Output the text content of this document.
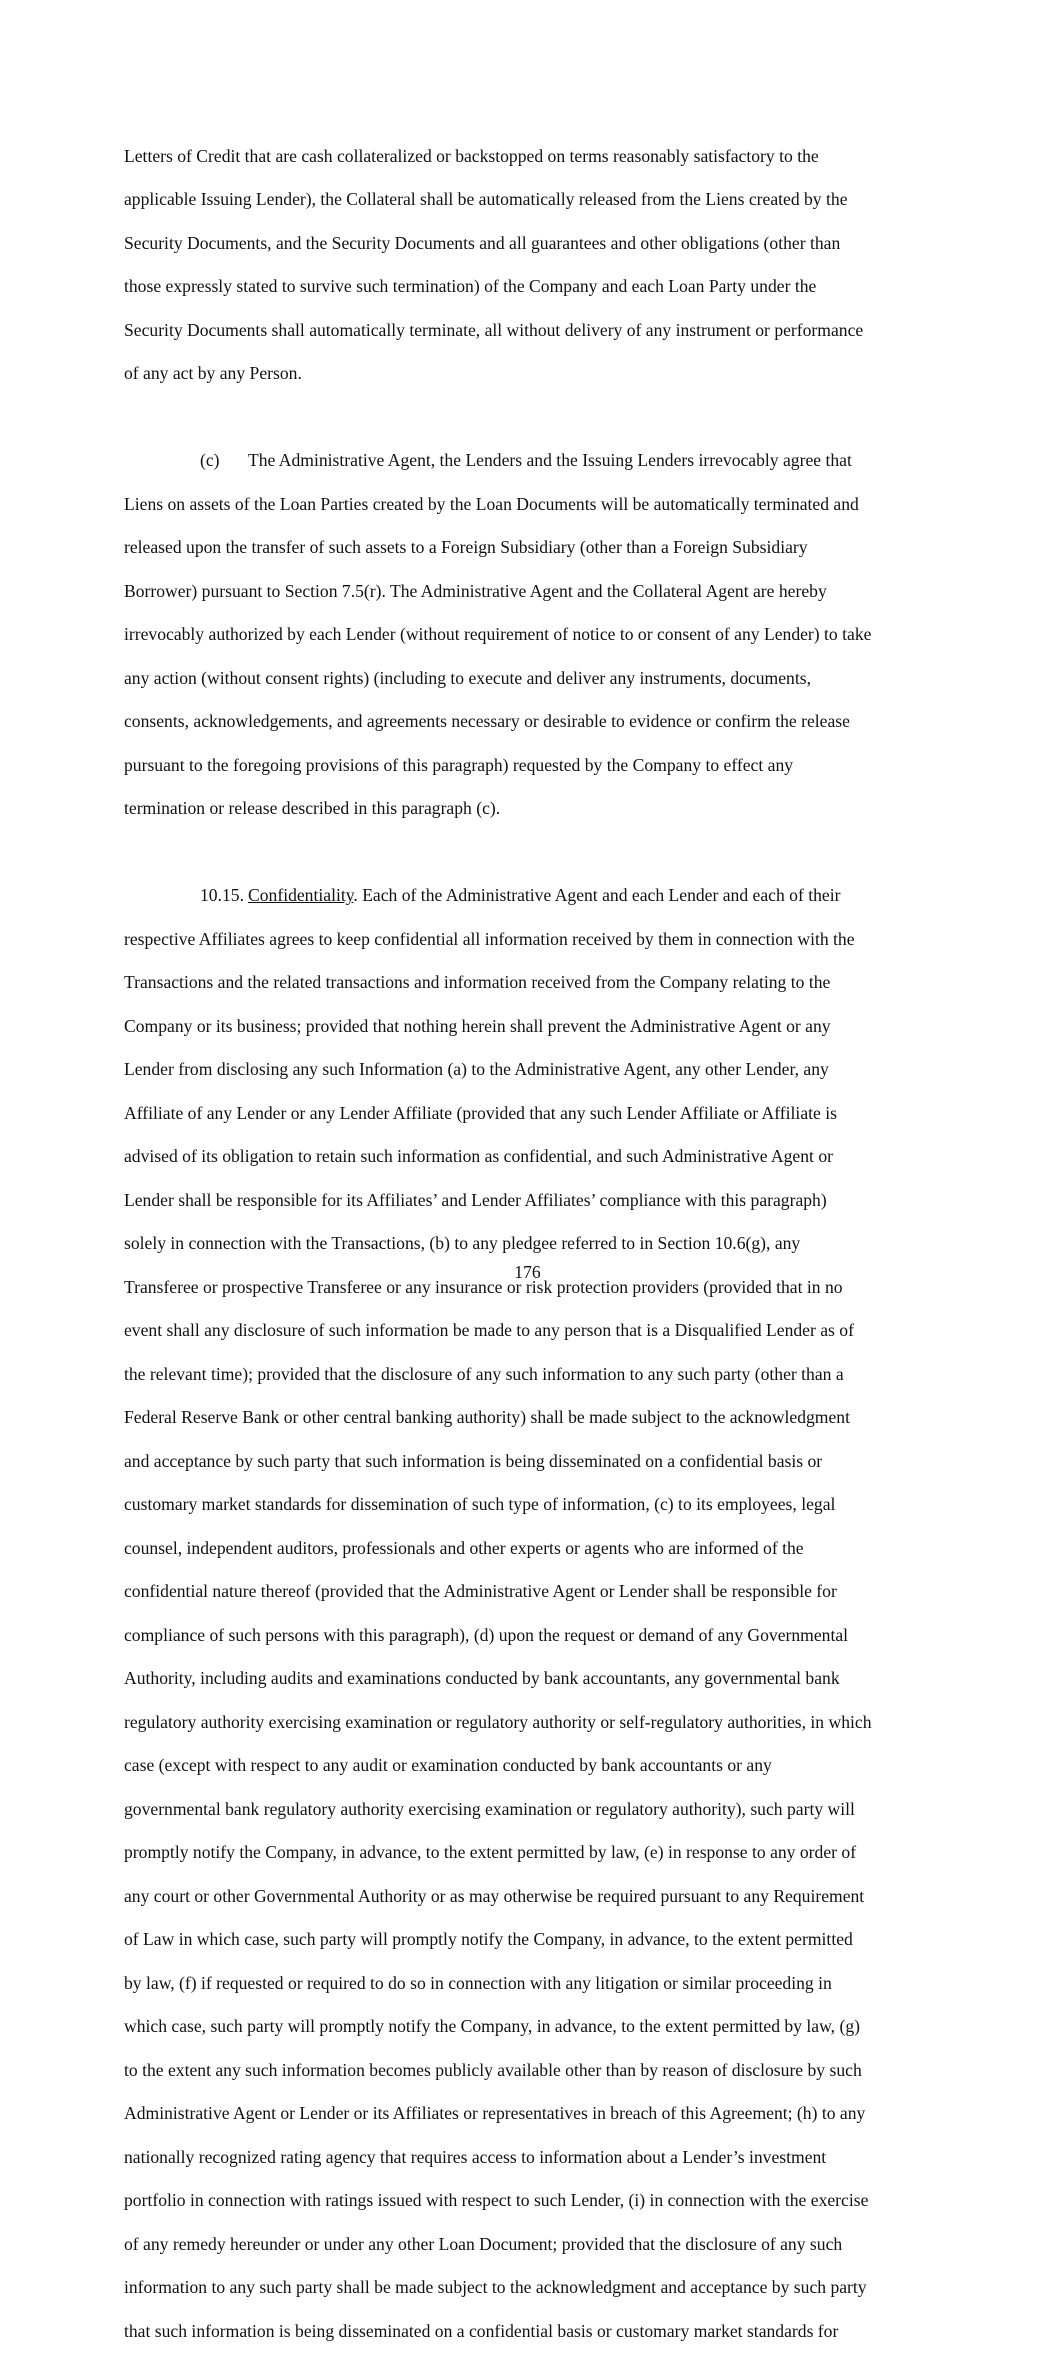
Letters of Credit that are cash collateralized or backstopped on terms reasonably satisfactory to the

applicable Issuing Lender), the Collateral shall be automatically released from the Liens created by the

Security Documents, and the Security Documents and all guarantees and other obligations (other than

those expressly stated to survive such termination) of the Company and each Loan Party under the

Security Documents shall automatically terminate, all without delivery of any instrument or performance

of any act by any Person.

(c) The Administrative Agent, the Lenders and the Issuing Lenders irrevocably agree that

Liens on assets of the Loan Parties created by the Loan Documents will be automatically terminated and

released upon the transfer of such assets to a Foreign Subsidiary (other than a Foreign Subsidiary

Borrower) pursuant to Section 7.5(r). The Administrative Agent and the Collateral Agent are hereby

irrevocably authorized by each Lender (without requirement of notice to or consent of any Lender) to take

any action (without consent rights) (including to execute and deliver any instruments, documents,

consents, acknowledgements, and agreements necessary or desirable to evidence or confirm the release

pursuant to the foregoing provisions of this paragraph) requested by the Company to effect any

termination or release described in this paragraph (c).

10.15. Confidentiality. Each of the Administrative Agent and each Lender and each of their

respective Affiliates agrees to keep confidential all information received by them in connection with the

Transactions and the related transactions and information received from the Company relating to the

Company or its business; provided that nothing herein shall prevent the Administrative Agent or any

Lender from disclosing any such Information (a) to the Administrative Agent, any other Lender, any

Affiliate of any Lender or any Lender Affiliate (provided that any such Lender Affiliate or Affiliate is

advised of its obligation to retain such information as confidential, and such Administrative Agent or

Lender shall be responsible for its Affiliates’ and Lender Affiliates’ compliance with this paragraph)

solely in connection with the Transactions, (b) to any pledgee referred to in Section 10.6(g), any

Transferee or prospective Transferee or any insurance or risk protection providers (provided that in no

event shall any disclosure of such information be made to any person that is a Disqualified Lender as of

the relevant time); provided that the disclosure of any such information to any such party (other than a

Federal Reserve Bank or other central banking authority) shall be made subject to the acknowledgment

and acceptance by such party that such information is being disseminated on a confidential basis or

customary market standards for dissemination of such type of information, (c) to its employees, legal

counsel, independent auditors, professionals and other experts or agents who are informed of the

confidential nature thereof (provided that the Administrative Agent or Lender shall be responsible for

compliance of such persons with this paragraph), (d) upon the request or demand of any Governmental

Authority, including audits and examinations conducted by bank accountants, any governmental bank

regulatory authority exercising examination or regulatory authority or self-regulatory authorities, in which

case (except with respect to any audit or examination conducted by bank accountants or any

governmental bank regulatory authority exercising examination or regulatory authority), such party will

promptly notify the Company, in advance, to the extent permitted by law, (e) in response to any order of

any court or other Governmental Authority or as may otherwise be required pursuant to any Requirement

of Law in which case, such party will promptly notify the Company, in advance, to the extent permitted

by law, (f) if requested or required to do so in connection with any litigation or similar proceeding in

which case, such party will promptly notify the Company, in advance, to the extent permitted by law, (g)

to the extent any such information becomes publicly available other than by reason of disclosure by such

Administrative Agent or Lender or its Affiliates or representatives in breach of this Agreement; (h) to any

nationally recognized rating agency that requires access to information about a Lender’s investment

portfolio in connection with ratings issued with respect to such Lender, (i) in connection with the exercise

of any remedy hereunder or under any other Loan Document; provided that the disclosure of any such

information to any such party shall be made subject to the acknowledgment and acceptance by such party

that such information is being disseminated on a confidential basis or customary market standards for

176
